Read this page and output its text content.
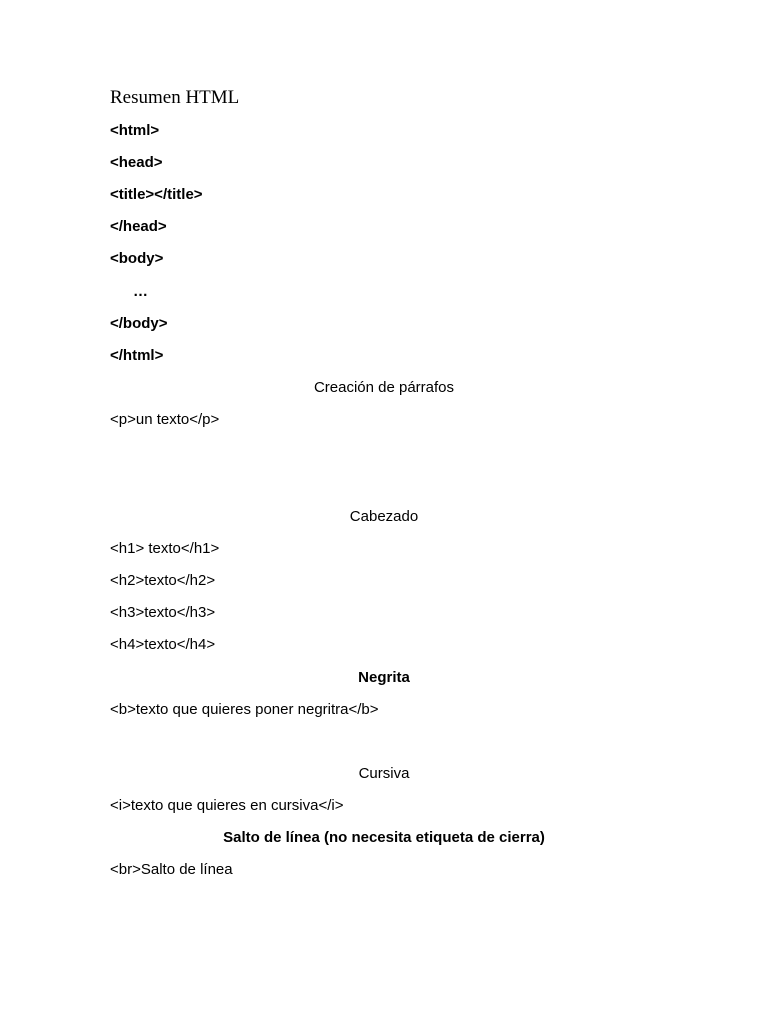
Resumen HTML
<html>
<head>
<title></title>
</head>
<body>
…
</body>
</html>
Creación de párrafos
<p>un texto</p>
Cabezado
<h1> texto</h1>
<h2>texto</h2>
<h3>texto</h3>
<h4>texto</h4>
Negrita
<b>texto que quieres poner negritra</b>
Cursiva
<i>texto que quieres en cursiva</i>
Salto de línea (no necesita etiqueta de cierra)
<br>Salto de línea
